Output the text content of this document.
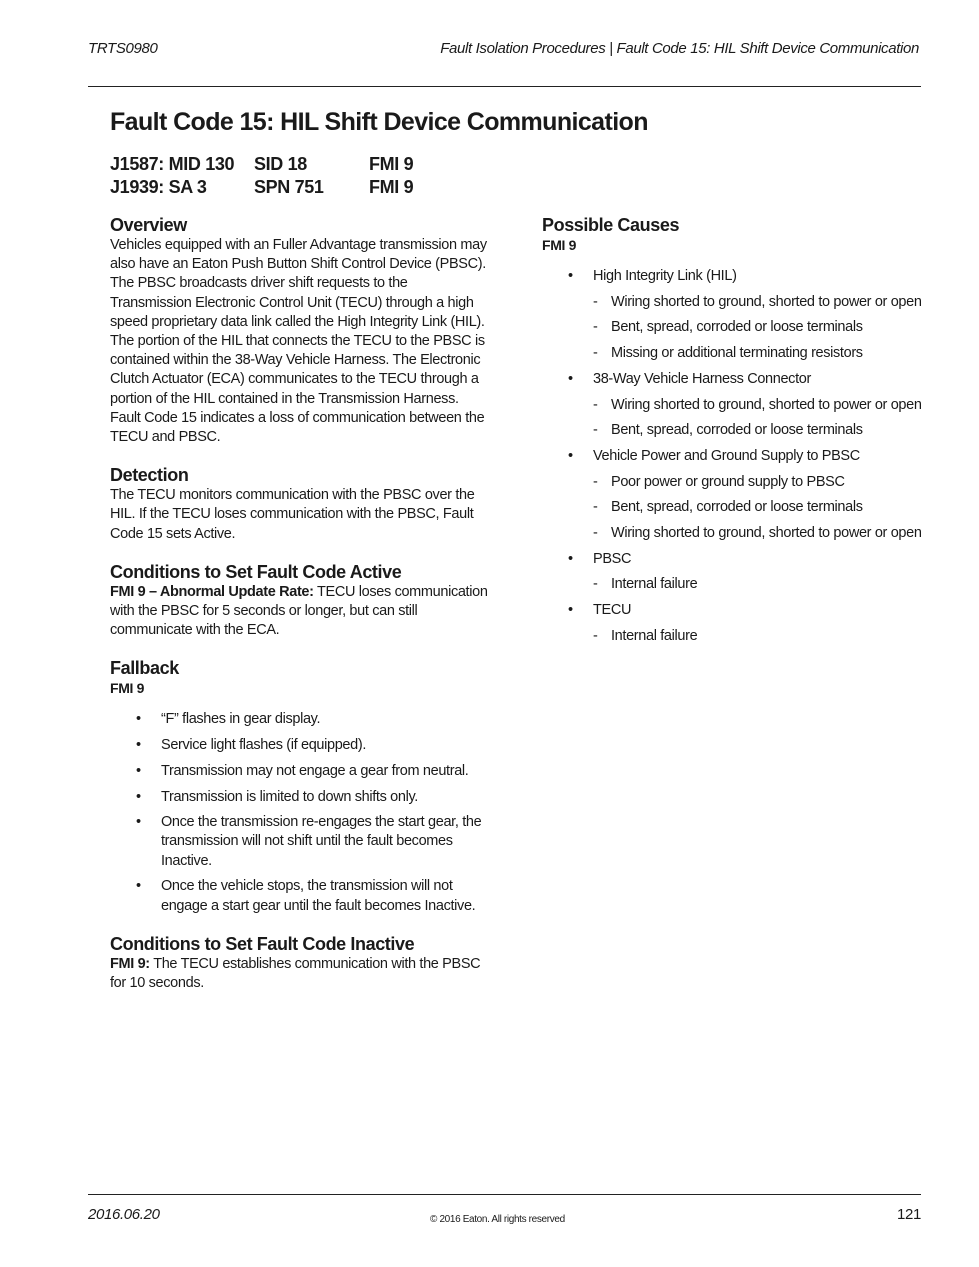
TRTS0980	Fault Isolation Procedures | Fault Code 15: HIL Shift Device Communication
Fault Code 15: HIL Shift Device Communication
J1587: MID 130	SID 18	FMI 9
J1939: SA 3	SPN 751	FMI 9
Overview

Vehicles equipped with an Fuller Advantage transmission may also have an Eaton Push Button Shift Control Device (PBSC). The PBSC broadcasts driver shift requests to the Transmission Electronic Control Unit (TECU) through a high speed proprietary data link called the High Integrity Link (HIL). The portion of the HIL that connects the TECU to the PBSC is contained within the 38-Way Vehicle Harness. The Electronic Clutch Actuator (ECA) communicates to the TECU through a portion of the HIL contained in the Transmission Harness. Fault Code 15 indicates a loss of communication between the TECU and PBSC.

Detection

The TECU monitors communication with the PBSC over the HIL. If the TECU loses communication with the PBSC, Fault Code 15 sets Active.

Conditions to Set Fault Code Active

FMI 9 – Abnormal Update Rate: TECU loses communication with the PBSC for 5 seconds or longer, but can still communicate with the ECA.

Fallback
FMI 9
• “F” flashes in gear display.
• Service light flashes (if equipped).
• Transmission may not engage a gear from neutral.
• Transmission is limited to down shifts only.
• Once the transmission re-engages the start gear, the transmission will not shift until the fault becomes Inactive.
• Once the vehicle stops, the transmission will not engage a start gear until the fault becomes Inactive.
Conditions to Set Fault Code Inactive

FMI 9: The TECU establishes communication with the PBSC for 10 seconds.

Possible Causes
FMI 9
• High Integrity Link (HIL)
- Wiring shorted to ground, shorted to power or open
- Bent, spread, corroded or loose terminals
- Missing or additional terminating resistors
• 38-Way Vehicle Harness Connector
- Wiring shorted to ground, shorted to power or open
- Bent, spread, corroded or loose terminals
• Vehicle Power and Ground Supply to PBSC
- Poor power or ground supply to PBSC
- Bent, spread, corroded or loose terminals
- Wiring shorted to ground, shorted to power or open
• PBSC
- Internal failure
• TECU
- Internal failure
2016.06.20	© 2016 Eaton. All rights reserved	121
